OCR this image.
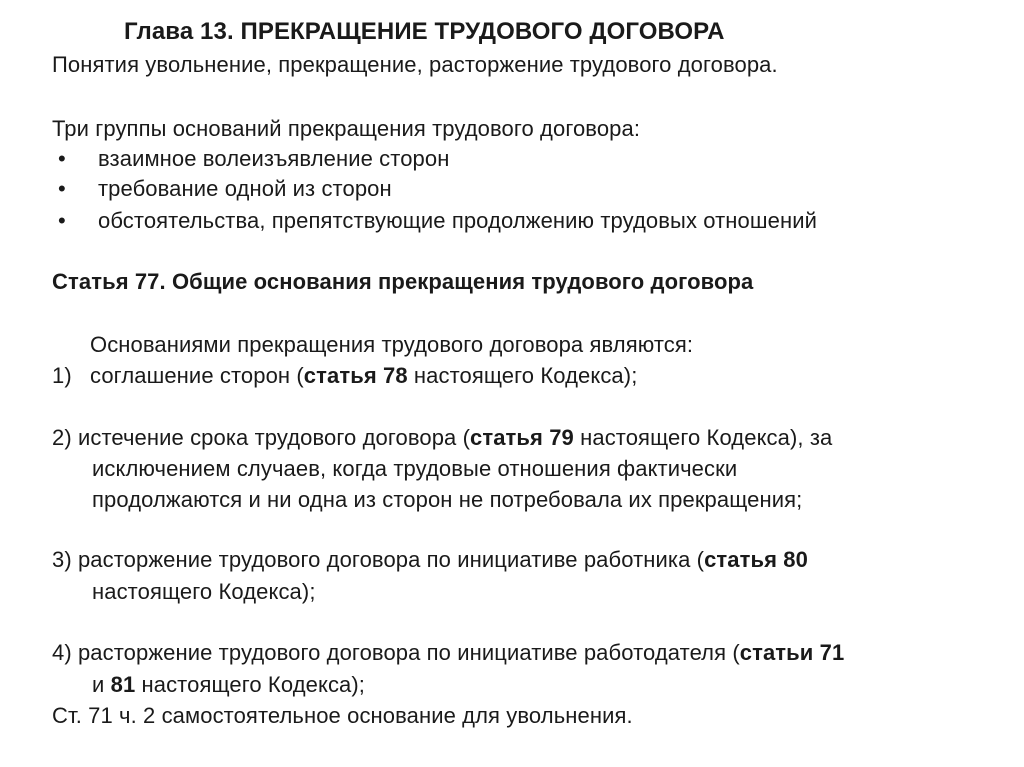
Глава 13. ПРЕКРАЩЕНИЕ ТРУДОВОГО ДОГОВОРА
Понятия увольнение, прекращение, расторжение трудового договора.
Три группы оснований прекращения трудового договора:
• взаимное волеизъявление сторон
• требование одной из сторон
• обстоятельства, препятствующие продолжению трудовых отношений
Статья 77. Общие основания прекращения трудового договора
Основаниями прекращения трудового договора являются:
1) соглашение сторон (статья 78 настоящего Кодекса);
2) истечение срока трудового договора (статья 79 настоящего Кодекса), за
исключением случаев, когда трудовые отношения фактически
продолжаются и ни одна из сторон не потребовала их прекращения;
3) расторжение трудового договора по инициативе работника (статья 80
настоящего Кодекса);
4) расторжение трудового договора по инициативе работодателя (статьи 71
и 81 настоящего Кодекса);
Ст. 71 ч. 2 самостоятельное основание для увольнения.
